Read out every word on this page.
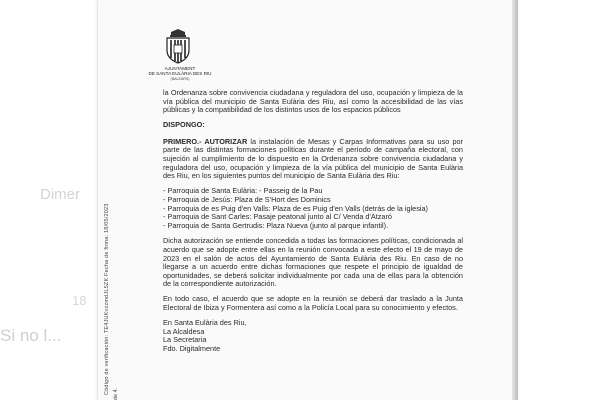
Dimer
18
Si no l...	Código de verificación: TE4JUKvzzmdJL5ZK Fecha de firma: 18/05/2023 de 4.
AJUNTAMENT
DE SANTA EULÀRIA DES RIU
(BALEARS)

la Ordenanza sobre convivencia ciudadana y reguladora del uso, ocupación y limpieza de la vía pública del municipio de Santa Eulària des Riu, así como la accesibilidad de las vías públicas y la compatibilidad de los distintos usos de los espacios públicos

DISPONGO:

PRIMERO.- AUTORIZAR la instalación de Mesas y Carpas Informativas para su uso por parte de las distintas formaciones políticas durante el período de campaña electoral, con sujeción al cumplimiento de lo dispuesto en la Ordenanza sobre convivencia ciudadana y reguladora del uso, ocupación y limpieza de la vía pública del municipio de Santa Eulària des Riu, en los siguientes puntos del municipio de Santa Eulària des Riu:

- Parroquia de Santa Eulària: - Passeig de la Pau
- Parroquia de Jesús: Plaza de S'Hort des Dominics
- Parroquia de es Puig d'en Valls: Plaza de es Puig d'en Valls (detrás de la iglesia)
- Parroquia de Sant Carles: Pasaje peatonal junto al C/ Venda d'Atzaró
- Parroquia de Santa Gertrudis: Plaza Nueva (junto al parque infantil).

Dicha autorización se entiende concedida a todas las formaciones políticas, condicionada al acuerdo que se adopte entre ellas en la reunión convocada a este efecto el 19 de mayo de 2023 en el salón de actos del Ayuntamiento de Santa Eulària des Riu. En caso de no llegarse a un acuerdo entre dichas formaciones que respete el principio de igualdad de oportunidades, se deberá solicitar individualmente por cada una de ellas para la obtención de la correspondiente autorización.

En todo caso, el acuerdo que se adopte en la reunión se deberá dar traslado a la Junta Electoral de Ibiza y Formentera así como a la Policía Local para su conocimiento y efectos.

En Santa Eulària des Riu,

La Alcaldesa

La Secretaria

Fdo. Digitalmente
